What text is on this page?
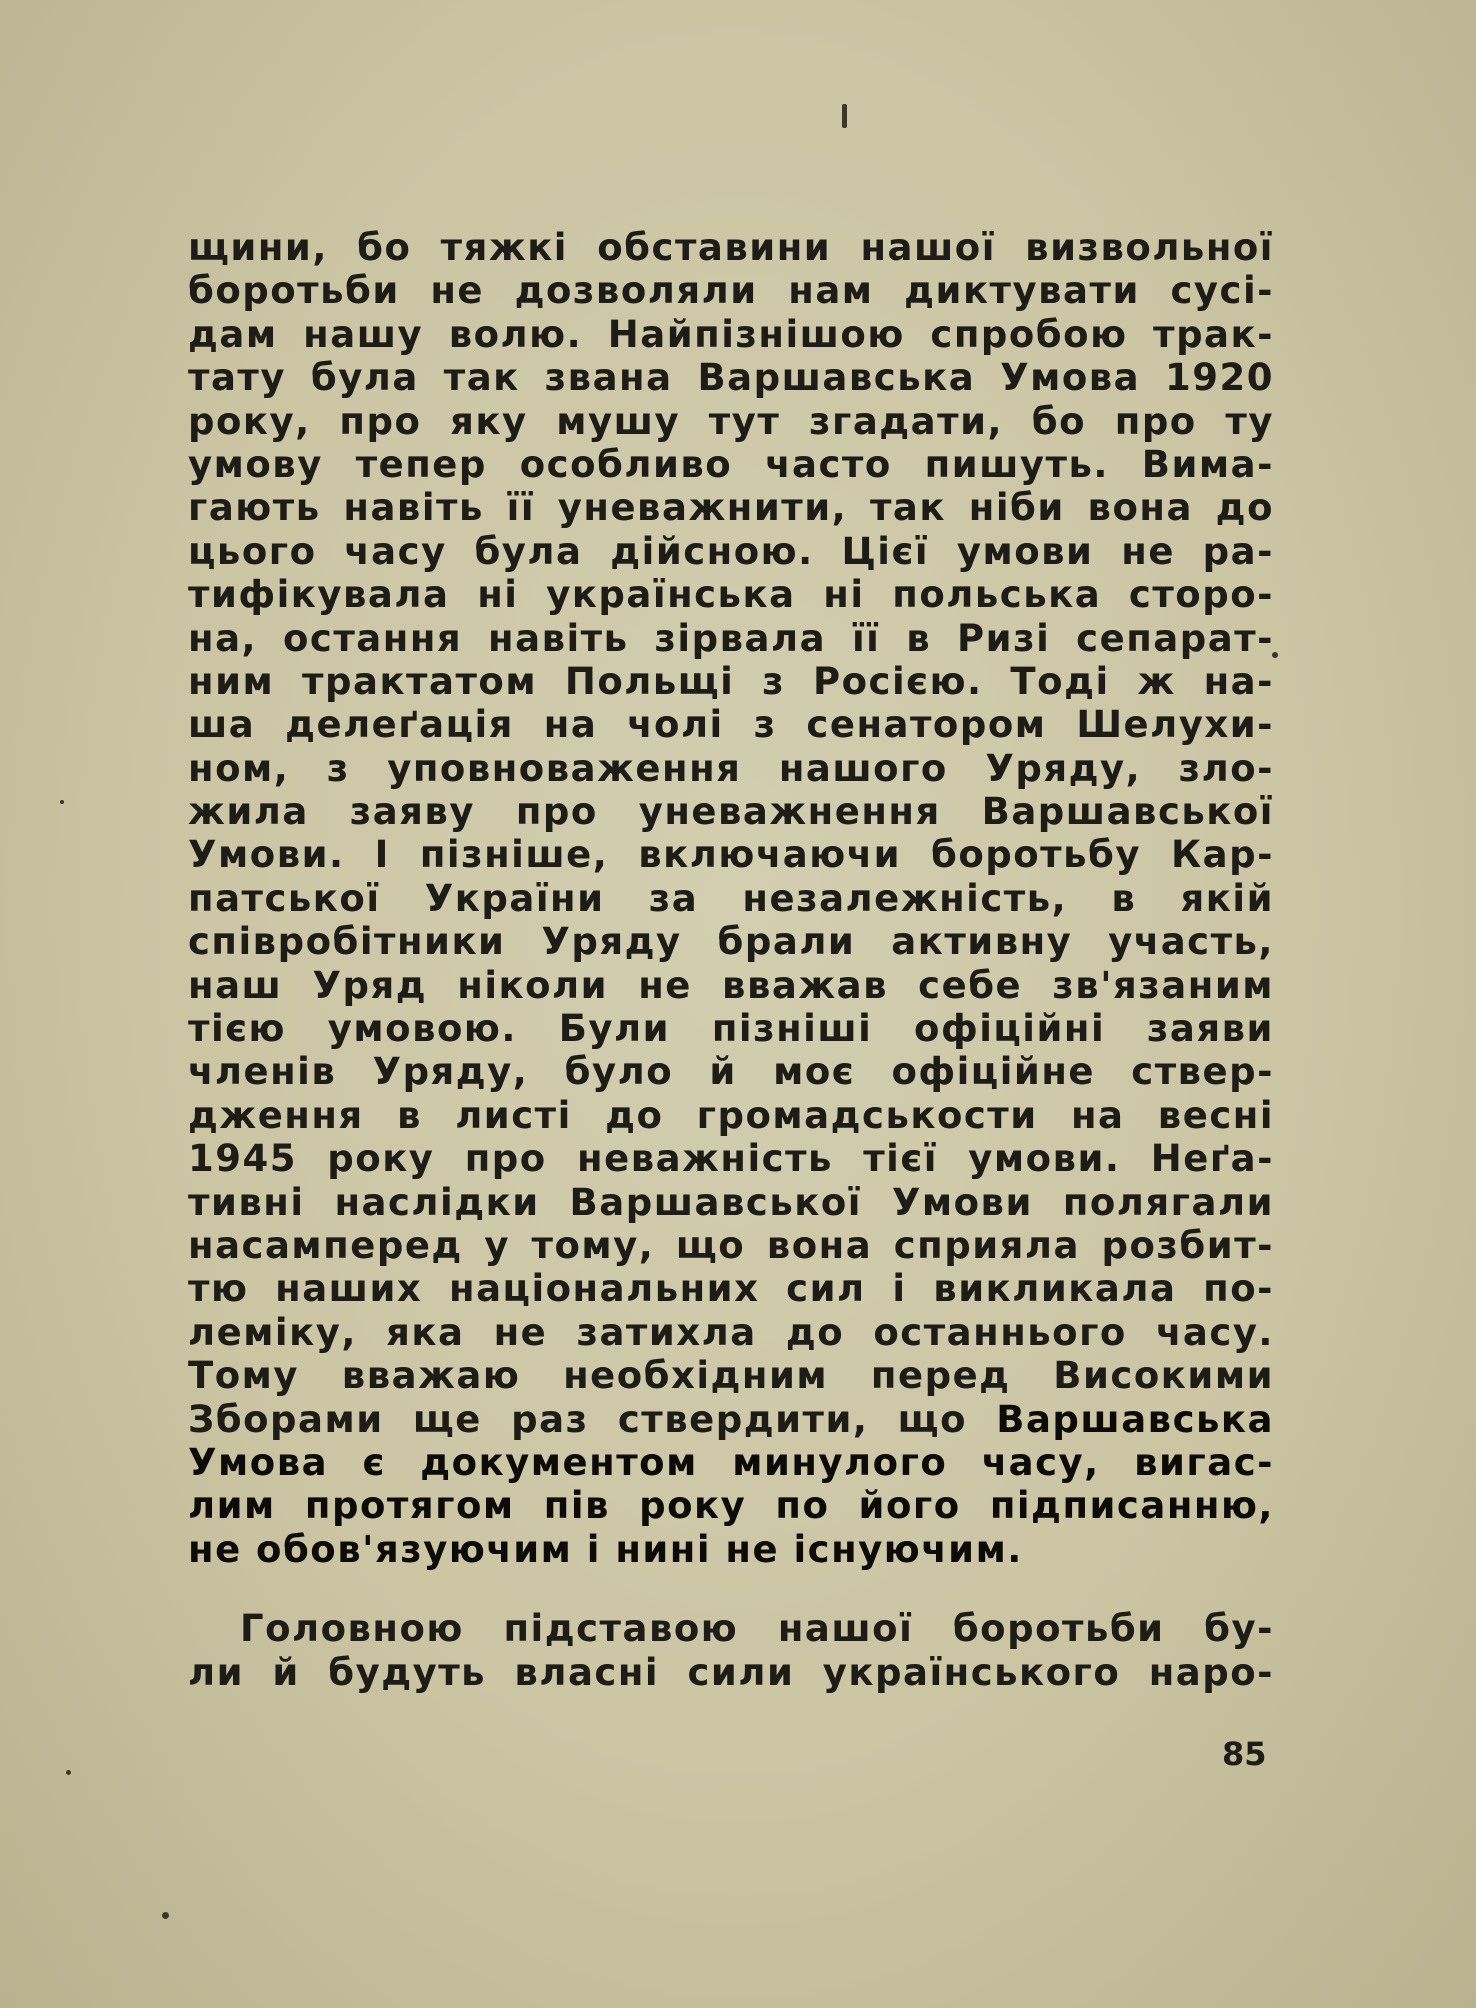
щини, бо тяжкі обставини нашої визвольної

боротьби не дозволяли нам диктувати сусі-

дам нашу волю. Найпізнішою спробою трак-

тату була так звана Варшавська Умова 1920

року, про яку мушу тут згадати, бо про ту

умову тепер особливо часто пишуть. Вима-

гають навіть її уневажнити, так ніби вона до

цього часу була дійсною. Цієї умови не ра-

тифікувала ні українська ні польська сторо-

на, остання навіть зірвала її в Ризі сепарат-

ним трактатом Польщі з Росією. Тоді ж на-

ша делеґація на чолі з сенатором Шелухи-

ном, з уповноваження нашого Уряду, зло-

жила заяву про уневажнення Варшавської

Умови. І пізніше, включаючи боротьбу Кар-

патської України за незалежність, в якій

співробітники Уряду брали активну участь,

наш Уряд ніколи не вважав себе зв'язаним

тією умовою. Були пізніші офіційні заяви

членів Уряду, було й моє офіційне ствер-

дження в листі до громадськости на весні

1945 року про неважність тієї умови. Неґа-

тивні наслідки Варшавської Умови полягали

насамперед у тому, що вона сприяла розбит-

тю наших національних сил і викликала по-

леміку, яка не затихла до останнього часу.

Тому вважаю необхідним перед Високими

Зборами ще раз ствердити, що Варшавська

Умова є документом минулого часу, вигас-

лим протягом пів року по його підписанню,

не обов'язуючим і нині не існуючим.

Головною підставою нашої боротьби бу-

ли й будуть власні сили українського наро-

85
